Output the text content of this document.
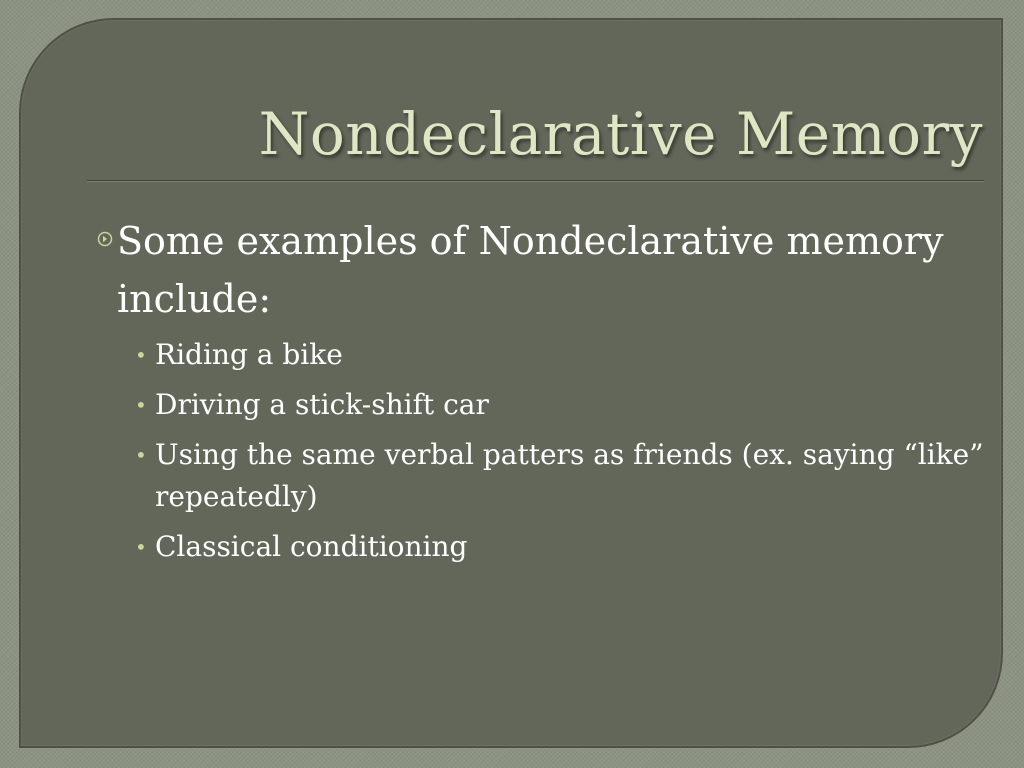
Nondeclarative Memory

Some examples of Nondeclarative memory include:

• Riding a bike
• Driving a stick-shift car
• Using the same verbal patters as friends (ex. saying “like” repeatedly)
• Classical conditioning
